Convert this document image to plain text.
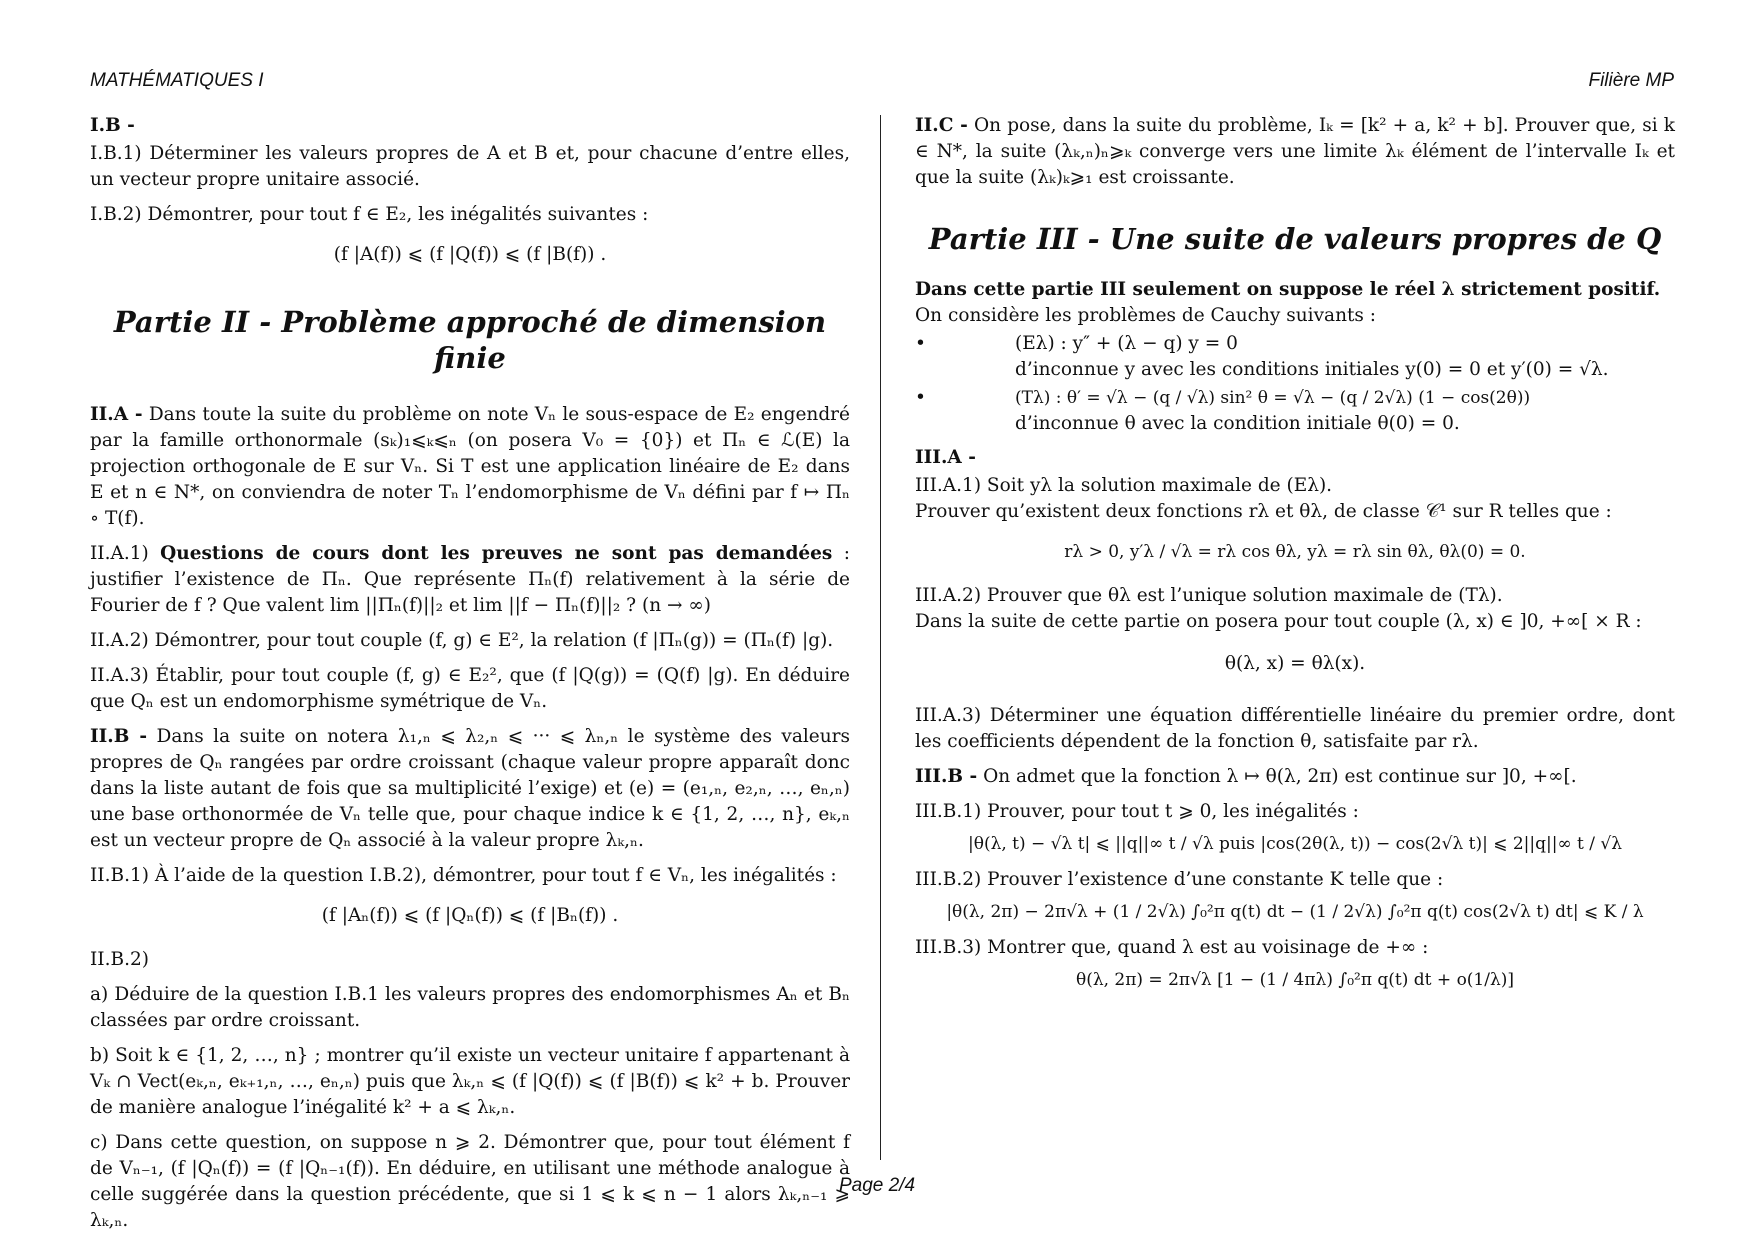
MATHÉMATIQUES I	Filière MP

I.B -

I.B.1) Déterminer les valeurs propres de A et B et, pour chacune d’entre elles, un vecteur propre unitaire associé.

I.B.2) Démontrer, pour tout f ∈ E₂, les inégalités suivantes :

(f |A(f)) ⩽ (f |Q(f)) ⩽ (f |B(f)) .
Partie II - Problème approché de dimension finie

II.A - Dans toute la suite du problème on note Vₙ le sous-espace de E₂ engendré par la famille orthonormale (sₖ)₁⩽ₖ⩽ₙ (on posera V₀ = {0}) et Πₙ ∈ ℒ(E) la projection orthogonale de E sur Vₙ. Si T est une application linéaire de E₂ dans E et n ∈ N*, on conviendra de noter Tₙ l’endomorphisme de Vₙ défini par f ↦ Πₙ ∘ T(f).

II.A.1) Questions de cours dont les preuves ne sont pas demandées : justifier l’existence de Πₙ. Que représente Πₙ(f) relativement à la série de Fourier de f ? Que valent lim ||Πₙ(f)||₂ et lim ||f − Πₙ(f)||₂ ? (n → ∞)

II.A.2) Démontrer, pour tout couple (f, g) ∈ E², la relation (f |Πₙ(g)) = (Πₙ(f) |g).

II.A.3) Établir, pour tout couple (f, g) ∈ E₂², que (f |Q(g)) = (Q(f) |g). En déduire que Qₙ est un endomorphisme symétrique de Vₙ.

II.B - Dans la suite on notera λ₁,ₙ ⩽ λ₂,ₙ ⩽ ··· ⩽ λₙ,ₙ le système des valeurs propres de Qₙ rangées par ordre croissant (chaque valeur propre apparaît donc dans la liste autant de fois que sa multiplicité l’exige) et (e) = (e₁,ₙ, e₂,ₙ, …, eₙ,ₙ) une base orthonormée de Vₙ telle que, pour chaque indice k ∈ {1, 2, …, n}, eₖ,ₙ est un vecteur propre de Qₙ associé à la valeur propre λₖ,ₙ.

II.B.1) À l’aide de la question I.B.2), démontrer, pour tout f ∈ Vₙ, les inégalités :

(f |Aₙ(f)) ⩽ (f |Qₙ(f)) ⩽ (f |Bₙ(f)) .

II.B.2)

a) Déduire de la question I.B.1 les valeurs propres des endomorphismes Aₙ et Bₙ classées par ordre croissant.

b) Soit k ∈ {1, 2, …, n} ; montrer qu’il existe un vecteur unitaire f appartenant à Vₖ ∩ Vect(eₖ,ₙ, eₖ₊₁,ₙ, …, eₙ,ₙ) puis que λₖ,ₙ ⩽ (f |Q(f)) ⩽ (f |B(f)) ⩽ k² + b. Prouver de manière analogue l’inégalité k² + a ⩽ λₖ,ₙ.

c) Dans cette question, on suppose n ⩾ 2. Démontrer que, pour tout élément f de Vₙ₋₁, (f |Qₙ(f)) = (f |Qₙ₋₁(f)). En déduire, en utilisant une méthode analogue à celle suggérée dans la question précédente, que si 1 ⩽ k ⩽ n − 1 alors λₖ,ₙ₋₁ ⩾ λₖ,ₙ.

II.C - On pose, dans la suite du problème, Iₖ = [k² + a, k² + b]. Prouver que, si k ∈ N*, la suite (λₖ,ₙ)ₙ⩾ₖ converge vers une limite λₖ élément de l’intervalle Iₖ et que la suite (λₖ)ₖ⩾₁ est croissante.

Partie III - Une suite de valeurs propres de Q

Dans cette partie III seulement on suppose le réel λ strictement positif.

On considère les problèmes de Cauchy suivants :

•	(Eλ) : y″ + (λ − q) y = 0
d’inconnue y avec les conditions initiales y(0) = 0 et y′(0) = √λ.
•	(Tλ) : θ′ = √λ − (q / √λ) sin² θ = √λ − (q / 2√λ) (1 − cos(2θ))
d’inconnue θ avec la condition initiale θ(0) = 0.

III.A -

III.A.1) Soit yλ la solution maximale de (Eλ).

Prouver qu’existent deux fonctions rλ et θλ, de classe 𝒞¹ sur R telles que :

rλ > 0, y′λ / √λ = rλ cos θλ, yλ = rλ sin θλ, θλ(0) = 0.

III.A.2) Prouver que θλ est l’unique solution maximale de (Tλ).

Dans la suite de cette partie on posera pour tout couple (λ, x) ∈ ]0, +∞[ × R :

θ(λ, x) = θλ(x).

III.A.3) Déterminer une équation différentielle linéaire du premier ordre, dont les coefficients dépendent de la fonction θ, satisfaite par rλ.

III.B - On admet que la fonction λ ↦ θ(λ, 2π) est continue sur ]0, +∞[.

III.B.1) Prouver, pour tout t ⩾ 0, les inégalités :

|θ(λ, t) − √λ t| ⩽ ||q||∞ t / √λ puis |cos(2θ(λ, t)) − cos(2√λ t)| ⩽ 2||q||∞ t / √λ

III.B.2) Prouver l’existence d’une constante K telle que :

|θ(λ, 2π) − 2π√λ + (1 / 2√λ) ∫₀²π q(t) dt − (1 / 2√λ) ∫₀²π q(t) cos(2√λ t) dt| ⩽ K / λ

III.B.3) Montrer que, quand λ est au voisinage de +∞ :

θ(λ, 2π) = 2π√λ [1 − (1 / 4πλ) ∫₀²π q(t) dt + o(1/λ)]
Page 2/4
